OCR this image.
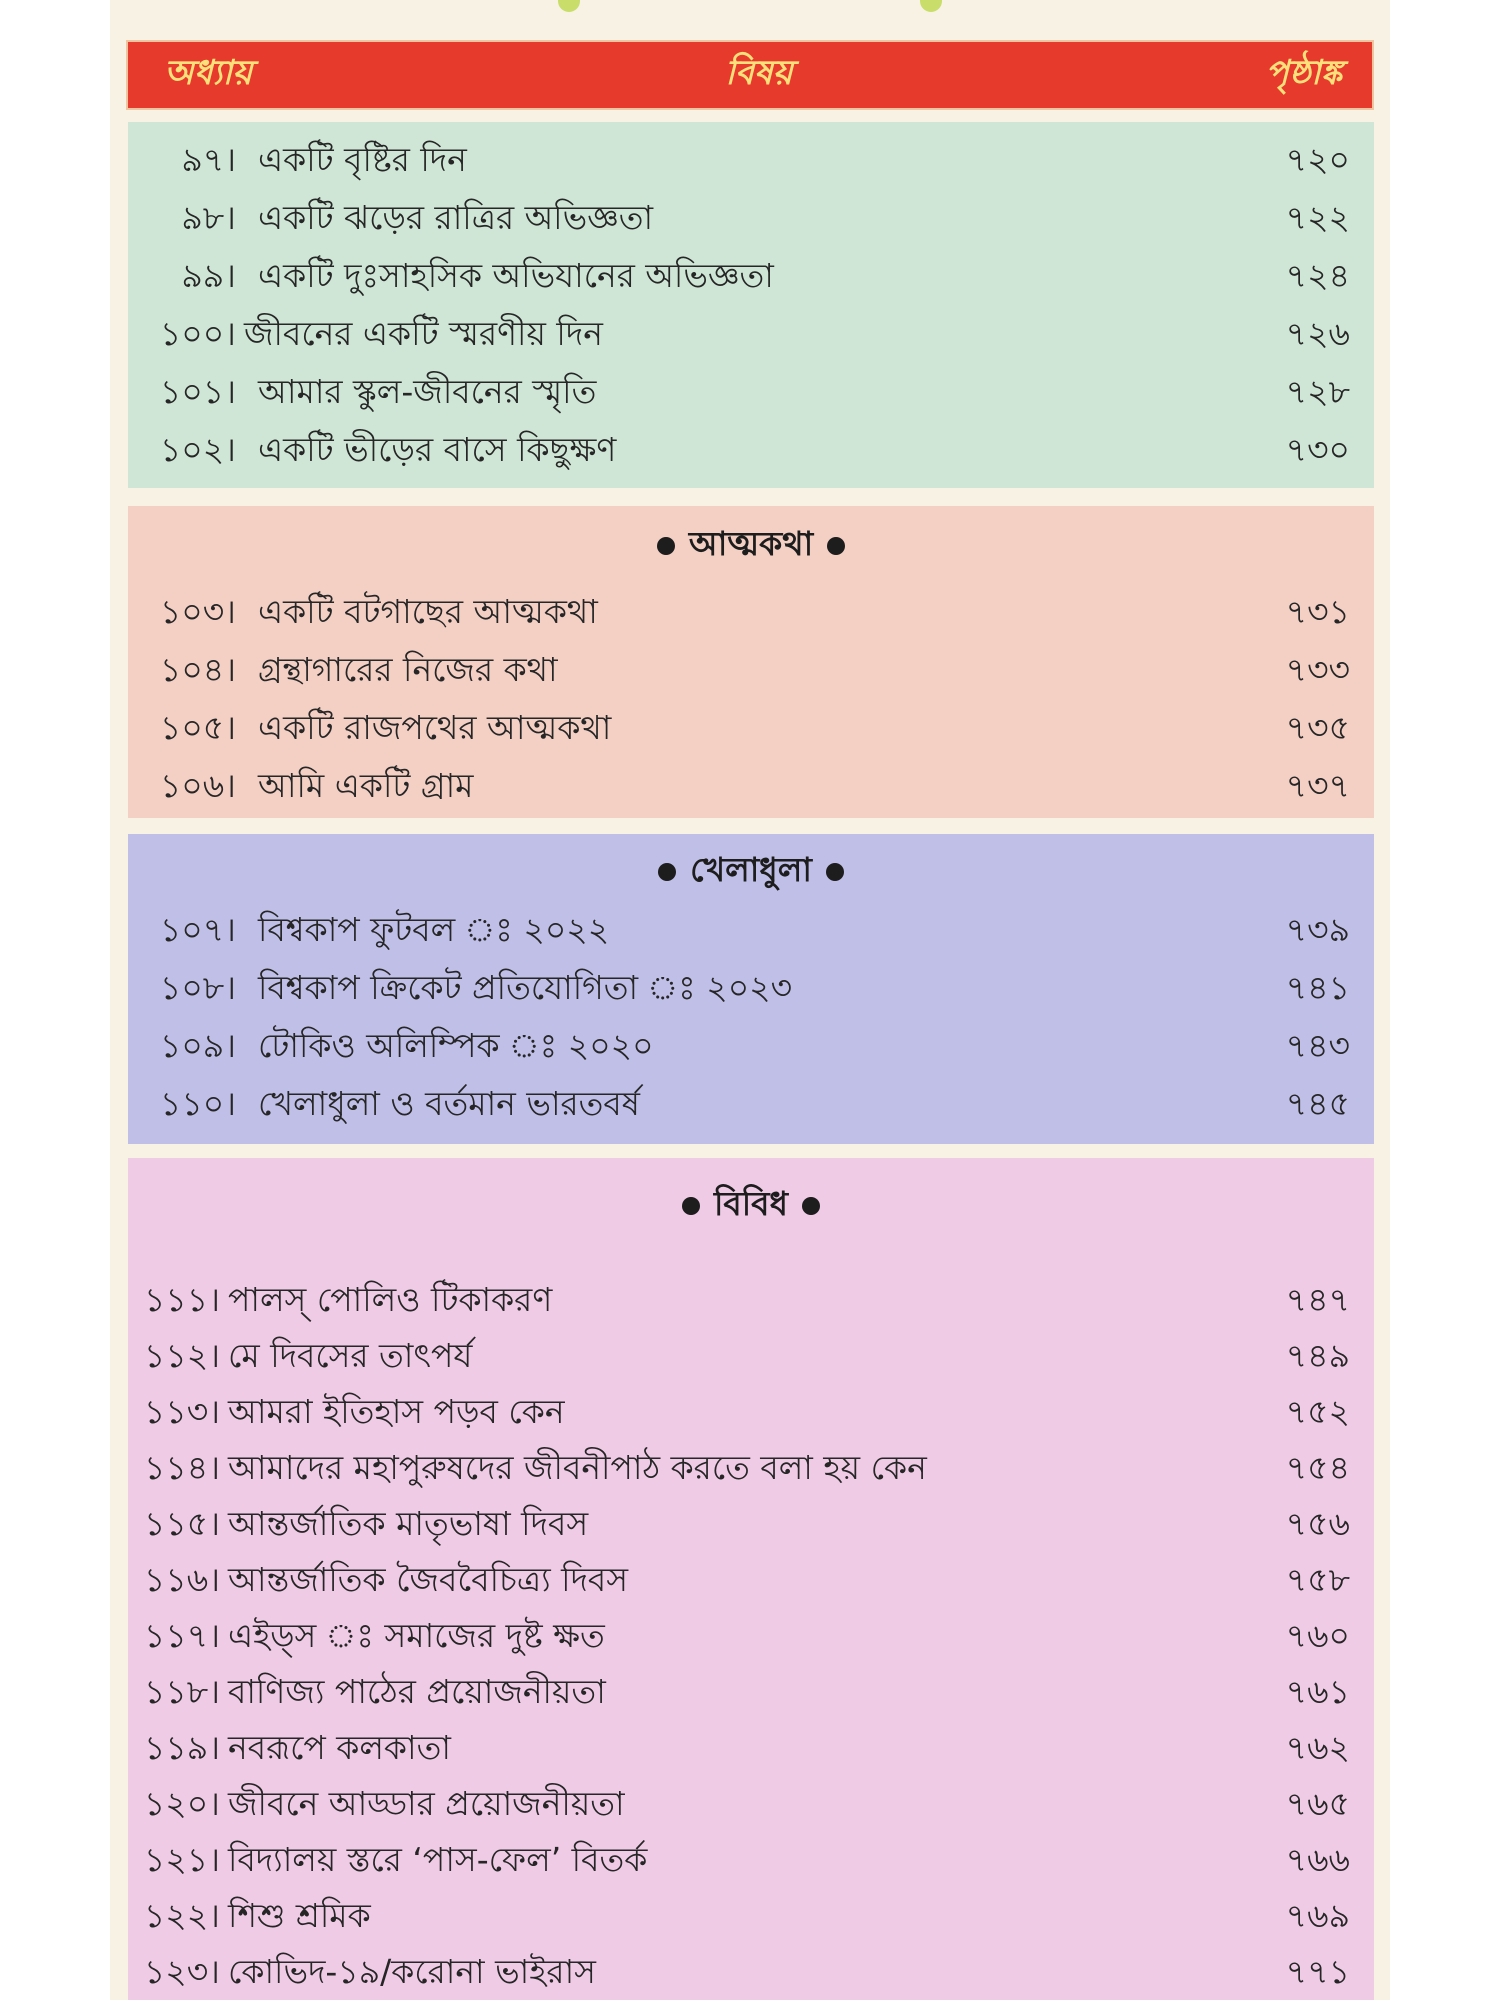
অধ্যায়	বিষয়	পৃষ্ঠাঙ্ক
৯৭। একটি বৃষ্টির দিন	৭২০
৯৮। একটি ঝড়ের রাত্রির অভিজ্ঞতা	৭২২
৯৯। একটি দুঃসাহসিক অভিযানের অভিজ্ঞতা	৭২৪
১০০। জীবনের একটি স্মরণীয় দিন	৭২৬
১০১। আমার স্কুল-জীবনের স্মৃতি	৭২৮
১০২। একটি ভীড়ের বাসে কিছুক্ষণ	৭৩০
আত্মকথা
১০৩। একটি বটগাছের আত্মকথা	৭৩১
১০৪। গ্রন্থাগারের নিজের কথা	৭৩৩
১০৫। একটি রাজপথের আত্মকথা	৭৩৫
১০৬। আমি একটি গ্রাম	৭৩৭
খেলাধুলা
১০৭। বিশ্বকাপ ফুটবল ঃ ২০২২	৭৩৯
১০৮। বিশ্বকাপ ক্রিকেট প্রতিযোগিতা ঃ ২০২৩	৭৪১
১০৯। টোকিও অলিম্পিক ঃ ২০২০	৭৪৩
১১০। খেলাধুলা ও বর্তমান ভারতবর্ষ	৭৪৫
বিবিধ
১১১। পালস্ পোলিও টিকাকরণ	৭৪৭
১১২। মে দিবসের তাৎপর্য	৭৪৯
১১৩। আমরা ইতিহাস পড়ব কেন	৭৫২
১১৪। আমাদের মহাপুরুষদের জীবনীপাঠ করতে বলা হয় কেন	৭৫৪
১১৫। আন্তর্জাতিক মাতৃভাষা দিবস	৭৫৬
১১৬। আন্তর্জাতিক জৈববৈচিত্র্য দিবস	৭৫৮
১১৭। এইড্‌স ঃ সমাজের দুষ্ট ক্ষত	৭৬০
১১৮। বাণিজ্য পাঠের প্রয়োজনীয়তা	৭৬১
১১৯। নবরূপে কলকাতা	৭৬২
১২০। জীবনে আড্ডার প্রয়োজনীয়তা	৭৬৫
১২১। বিদ্যালয় স্তরে ‘পাস-ফেল’ বিতর্ক	৭৬৬
১২২। শিশু শ্রমিক	৭৬৯
১২৩। কোভিদ-১৯/করোনা ভাইরাস	৭৭১
